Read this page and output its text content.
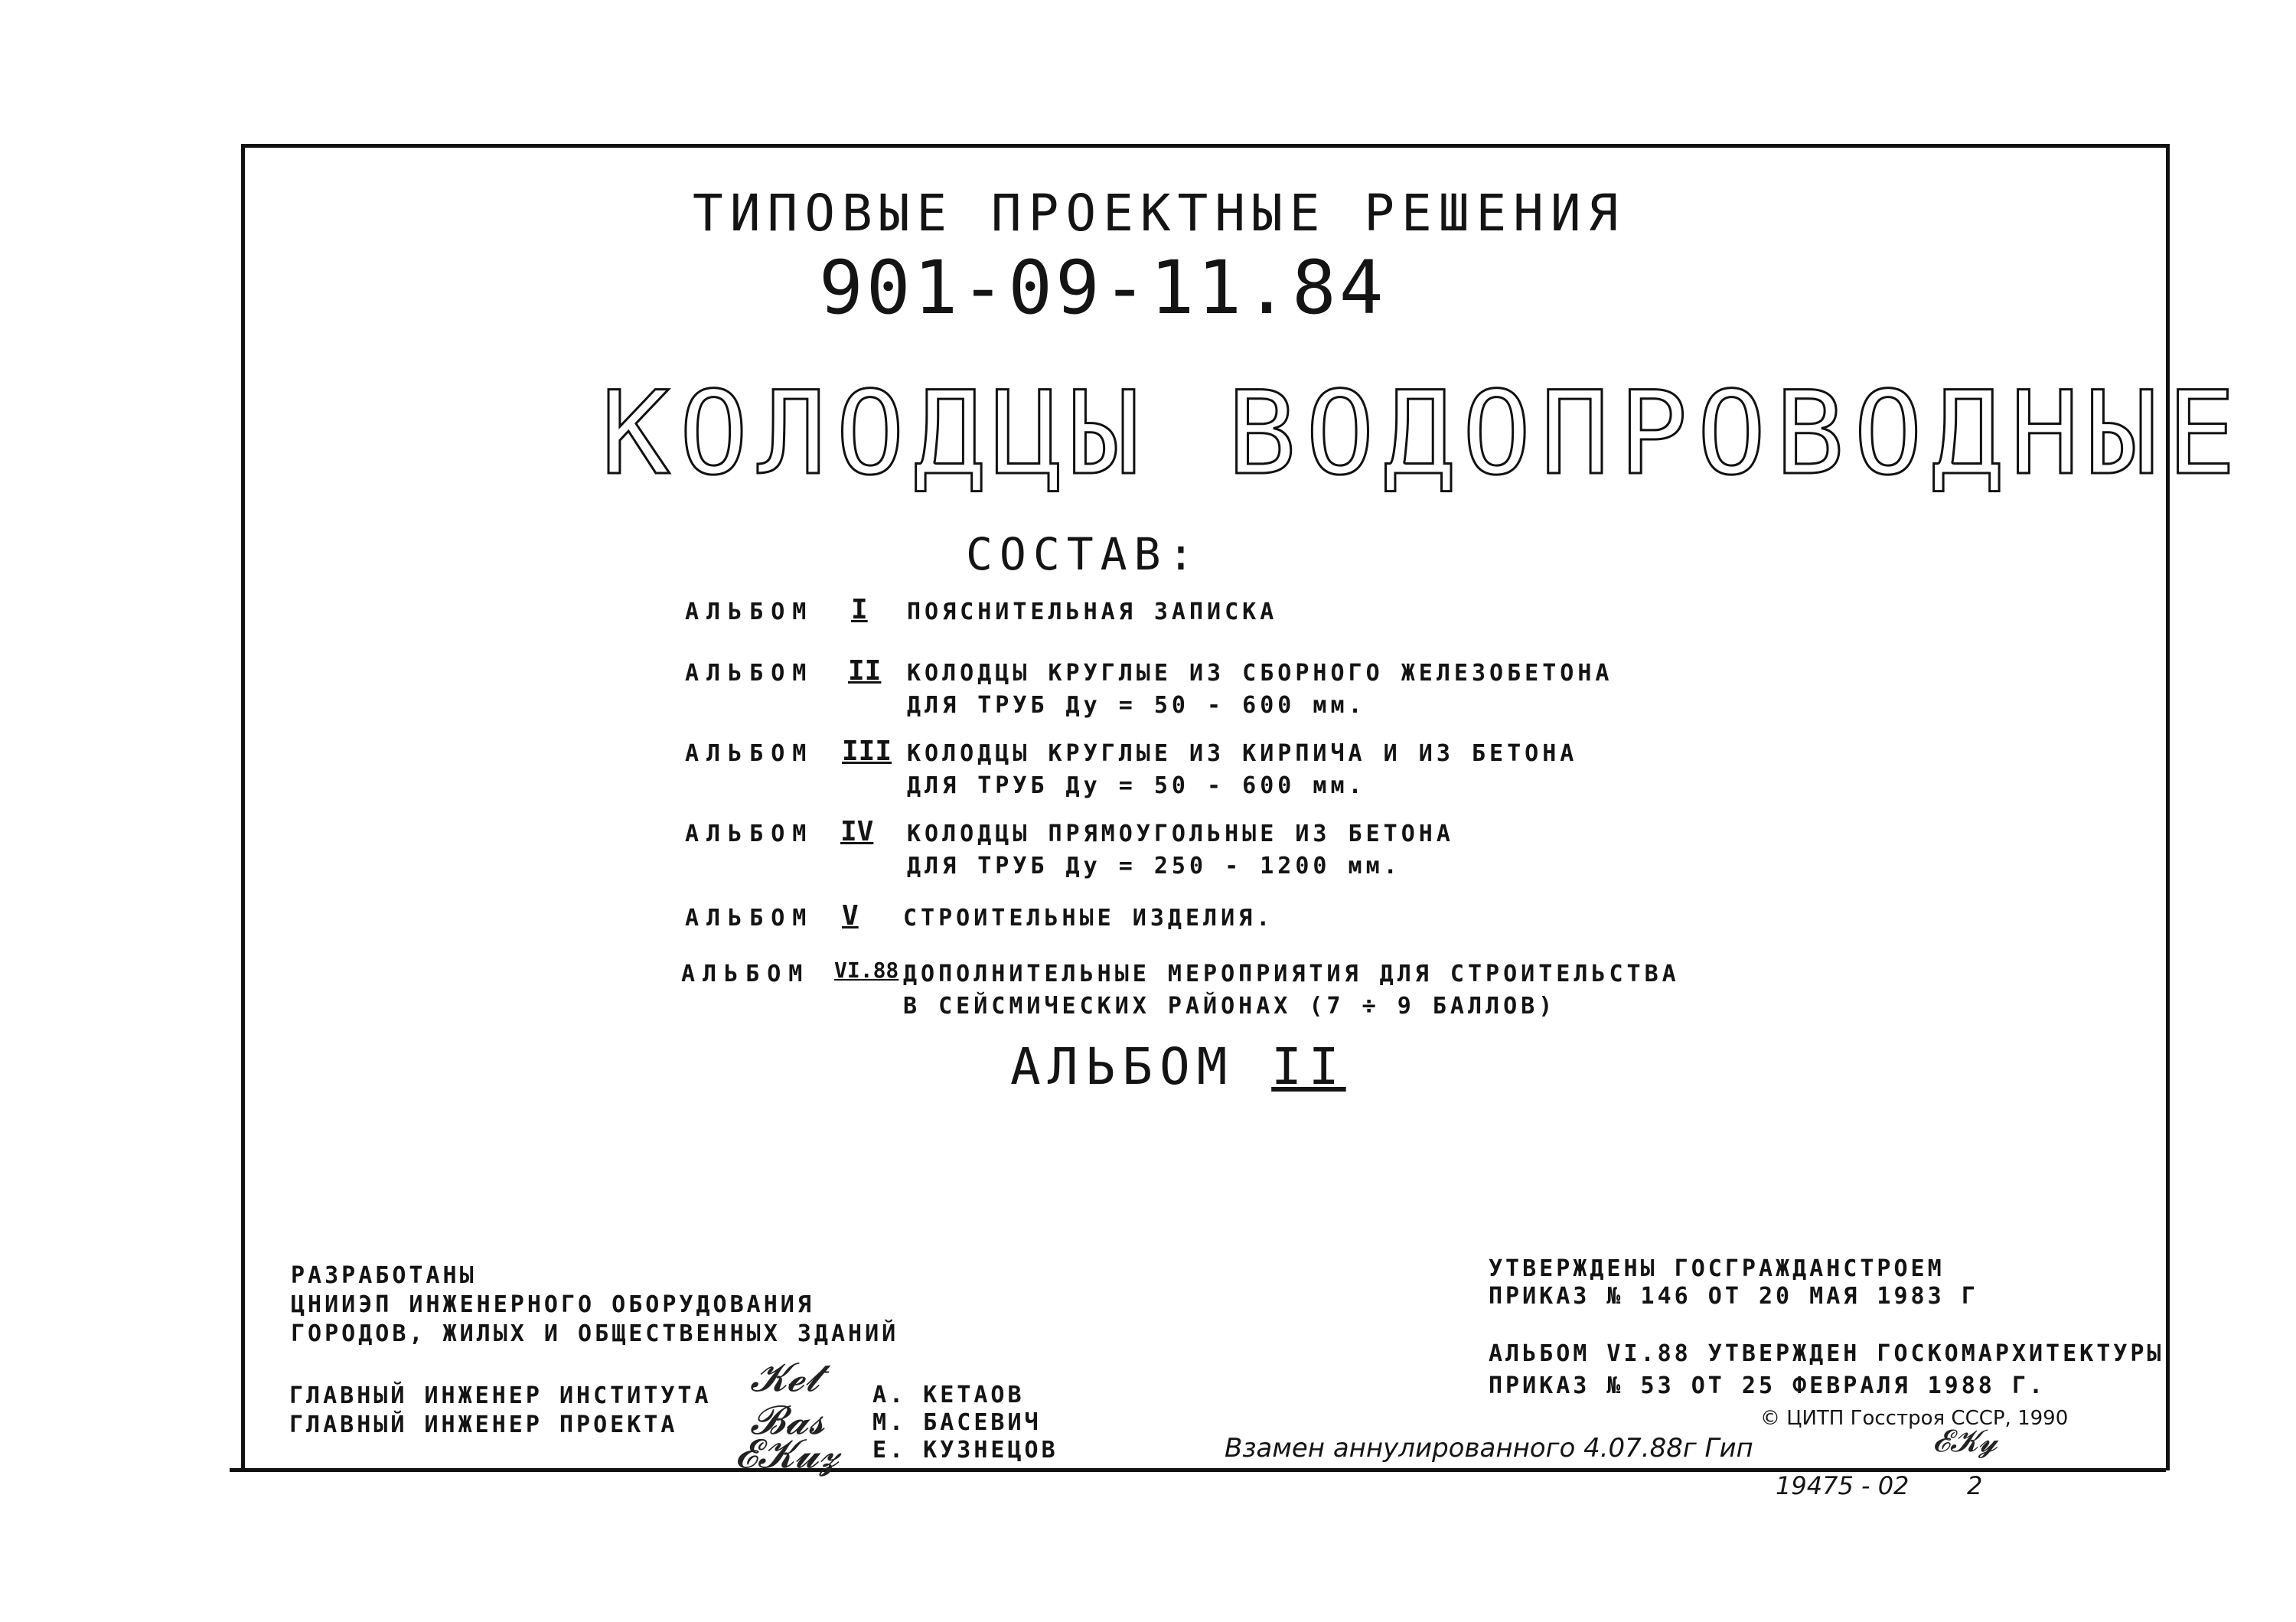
ТИПОВЫЕ ПРОЕКТНЫЕ РЕШЕНИЯ
901-09-11.84
КОЛОДЦЫ ВОДОПРОВОДНЫЕ
СОСТАВ:
АЛЬБОМ I ПОЯСНИТЕЛЬНАЯ ЗАПИСКА
АЛЬБОМ II КОЛОДЦЫ КРУГЛЫЕ ИЗ СБОРНОГО ЖЕЛЕЗОБЕТОНА
ДЛЯ ТРУБ Ду = 50 - 600 мм.
АЛЬБОМ III КОЛОДЦЫ КРУГЛЫЕ ИЗ КИРПИЧА И ИЗ БЕТОНА
ДЛЯ ТРУБ Ду = 50 - 600 мм.
АЛЬБОМ IV КОЛОДЦЫ ПРЯМОУГОЛЬНЫЕ ИЗ БЕТОНА
ДЛЯ ТРУБ Ду = 250 - 1200 мм.
АЛЬБОМ V СТРОИТЕЛЬНЫЕ ИЗДЕЛИЯ.
АЛЬБОМ VI.88 ДОПОЛНИТЕЛЬНЫЕ МЕРОПРИЯТИЯ ДЛЯ СТРОИТЕЛЬСТВА
В СЕЙСМИЧЕСКИХ РАЙОНАХ (7 ÷ 9 БАЛЛОВ)
АЛЬБОМ II
РАЗРАБОТАНЫ
ЦНИИЭП ИНЖЕНЕРНОГО ОБОРУДОВАНИЯ
ГОРОДОВ, ЖИЛЫХ И ОБЩЕСТВЕННЫХ ЗДАНИЙ
ГЛАВНЫЙ ИНЖЕНЕР ИНСТИТУТА
ГЛАВНЫЙ ИНЖЕНЕР ПРОЕКТА
𝓚𝓮𝓽
𝓑𝓪𝓼
𝓔𝓚𝓾𝔃
А. КЕТАОВ
М. БАСЕВИЧ
Е. КУЗНЕЦОВ
УТВЕРЖДЕНЫ ГОСГРАЖДАНСТРОЕМ
ПРИКАЗ № 146 ОТ 20 МАЯ 1983 Г
АЛЬБОМ VI.88 УТВЕРЖДЕН ГОСКОМАРХИТЕКТУРЫ
ПРИКАЗ № 53 ОТ 25 ФЕВРАЛЯ 1988 Г.
© ЦИТП Госстроя СССР, 1990
Взамен аннулированного 4.07.88г Гип	𝓔𝓚𝔂
19475 - 02 2
